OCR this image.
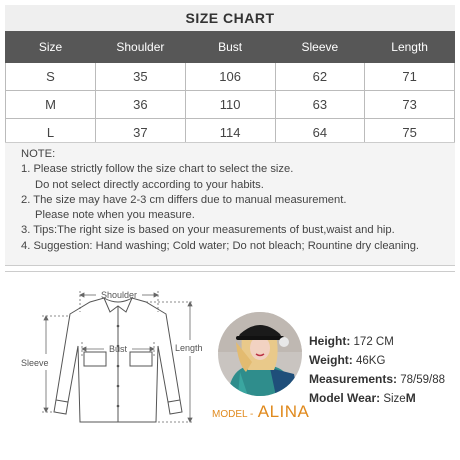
SIZE CHART
Size	Shoulder	Bust	Sleeve	Length
S	35	106	62	71
M	36	110	63	73
L	37	114	64	75
NOTE:
1. Please strictly follow the size chart to select the size.
Do not select directly according to your habits.
2. The size may have 2-3 cm differs due to manual measurement.
Please note when you measure.
3. Tips:The right size is based on your measurements of bust,waist and hip.
4. Suggestion: Hand washing; Cold water; Do not bleach; Rountine dry cleaning.
Shoulder
Bust
Sleeve
Length	Height: 172 CM
Weight: 46KG
Measurements: 78/59/88
Model Wear: SizeM
MODEL - ALINA
